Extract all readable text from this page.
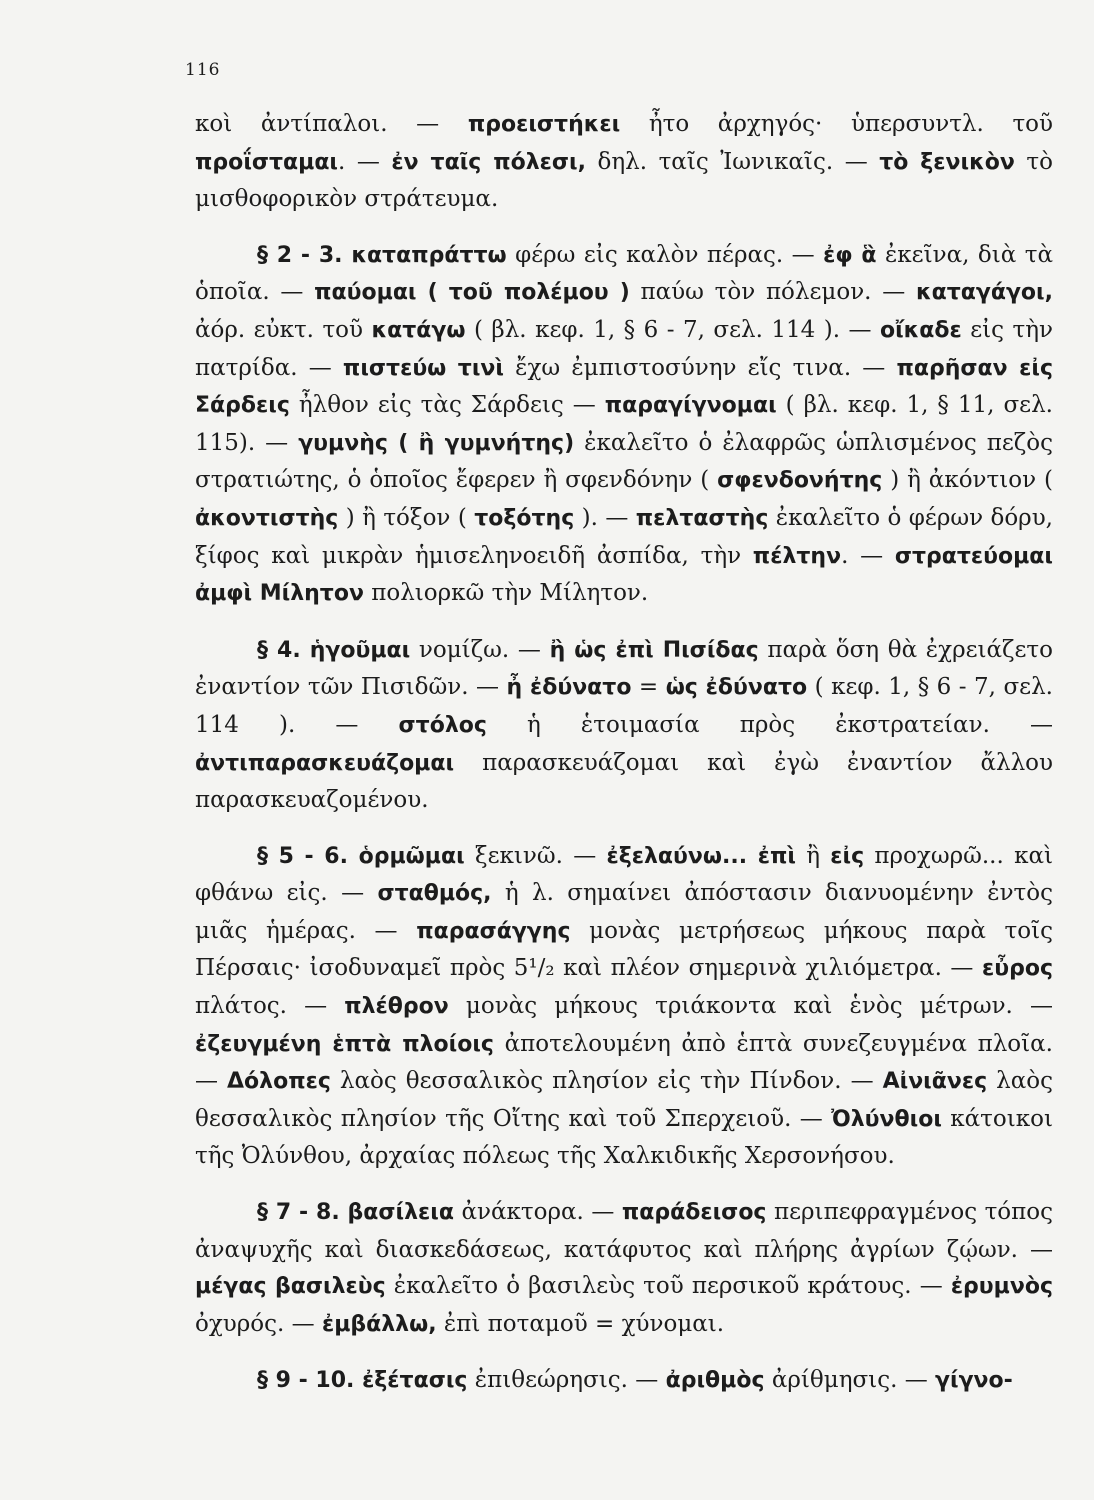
116

κοὶ ἀντίπαλοι. — προειστήκει ἦτο ἀρχηγός· ὑπερσυντλ. τοῦ προΐσταμαι. — ἐν ταῖς πόλεσι, δηλ. ταῖς Ἰωνικαῖς. — τὸ ξενικὸν τὸ μισθοφορικὸν στράτευμα.

§ 2 - 3. καταπράττω φέρω εἰς καλὸν πέρας. — ἐφ ἃ ἐκεῖνα, διὰ τὰ ὁποῖα. — παύομαι ( τοῦ πολέμου ) παύω τὸν πόλεμον. — καταγάγοι, ἀόρ. εὐκτ. τοῦ κατάγω ( βλ. κεφ. 1, § 6 - 7, σελ. 114 ). — οἴκαδε εἰς τὴν πατρίδα. — πιστεύω τινὶ ἔχω ἐμπιστοσύνην εἴς τινα. — παρῆσαν εἰς Σάρδεις ἦλθον εἰς τὰς Σάρδεις — παραγίγνομαι ( βλ. κεφ. 1, § 11, σελ. 115). — γυμνὴς ( ἢ γυμνήτης) ἐκαλεῖτο ὁ ἐλαφρῶς ὡπλισμένος πεζὸς στρατιώτης, ὁ ὁποῖος ἔφερεν ἢ σφενδόνην ( σφενδονήτης ) ἢ ἀκόντιον ( ἀκοντιστὴς ) ἢ τόξον ( τοξότης ). — πελταστὴς ἐκαλεῖτο ὁ φέρων δόρυ, ξίφος καὶ μικρὰν ἡμισεληνοειδῆ ἀσπίδα, τὴν πέλτην. — στρατεύομαι ἀμφὶ Μίλητον πολιορκῶ τὴν Μίλητον.

§ 4. ἡγοῦμαι νομίζω. — ἢ ὡς ἐπὶ Πισίδας παρὰ ὅση θὰ ἐχρειάζετο ἐναντίον τῶν Πισιδῶν. — ἦ ἐδύνατο = ὡς ἐδύνατο ( κεφ. 1, § 6 - 7, σελ. 114 ). — στόλος ἡ ἑτοιμασία πρὸς ἐκστρατείαν. — ἀντιπαρασκευάζομαι παρασκευάζομαι καὶ ἐγὼ ἐναντίον ἄλλου παρασκευαζομένου.

§ 5 - 6. ὁρμῶμαι ξεκινῶ. — ἐξελαύνω... ἐπὶ ἢ εἰς προχωρῶ... καὶ φθάνω εἰς. — σταθμός, ἡ λ. σημαίνει ἀπόστασιν διανυομένην ἐντὸς μιᾶς ἡμέρας. — παρασάγγης μονὰς μετρήσεως μήκους παρὰ τοῖς Πέρσαις· ἰσοδυναμεῖ πρὸς 5¹/₂ καὶ πλέον σημερινὰ χιλιόμετρα. — εὖρος πλάτος. — πλέθρον μονὰς μήκους τριάκοντα καὶ ἑνὸς μέτρων. — ἐζευγμένη ἑπτὰ πλοίοις ἀποτελουμένη ἀπὸ ἑπτὰ συνεζευγμένα πλοῖα. — Δόλοπες λαὸς θεσσαλικὸς πλησίον εἰς τὴν Πίνδον. — Αἰνιᾶνες λαὸς θεσσαλικὸς πλησίον τῆς Οἴτης καὶ τοῦ Σπερχειοῦ. — Ὀλύνθιοι κάτοικοι τῆς Ὀλύνθου, ἀρχαίας πόλεως τῆς Χαλκιδικῆς Χερσονήσου.

§ 7 - 8. βασίλεια ἀνάκτορα. — παράδεισος περιπεφραγμένος τόπος ἀναψυχῆς καὶ διασκεδάσεως, κατάφυτος καὶ πλήρης ἀγρίων ζῴων. — μέγας βασιλεὺς ἐκαλεῖτο ὁ βασιλεὺς τοῦ περσικοῦ κράτους. — ἐρυμνὸς ὀχυρός. — ἐμβάλλω, ἐπὶ ποταμοῦ = χύνομαι.

§ 9 - 10. ἐξέτασις ἐπιθεώρησις. — ἀριθμὸς ἀρίθμησις. — γίγνο-
